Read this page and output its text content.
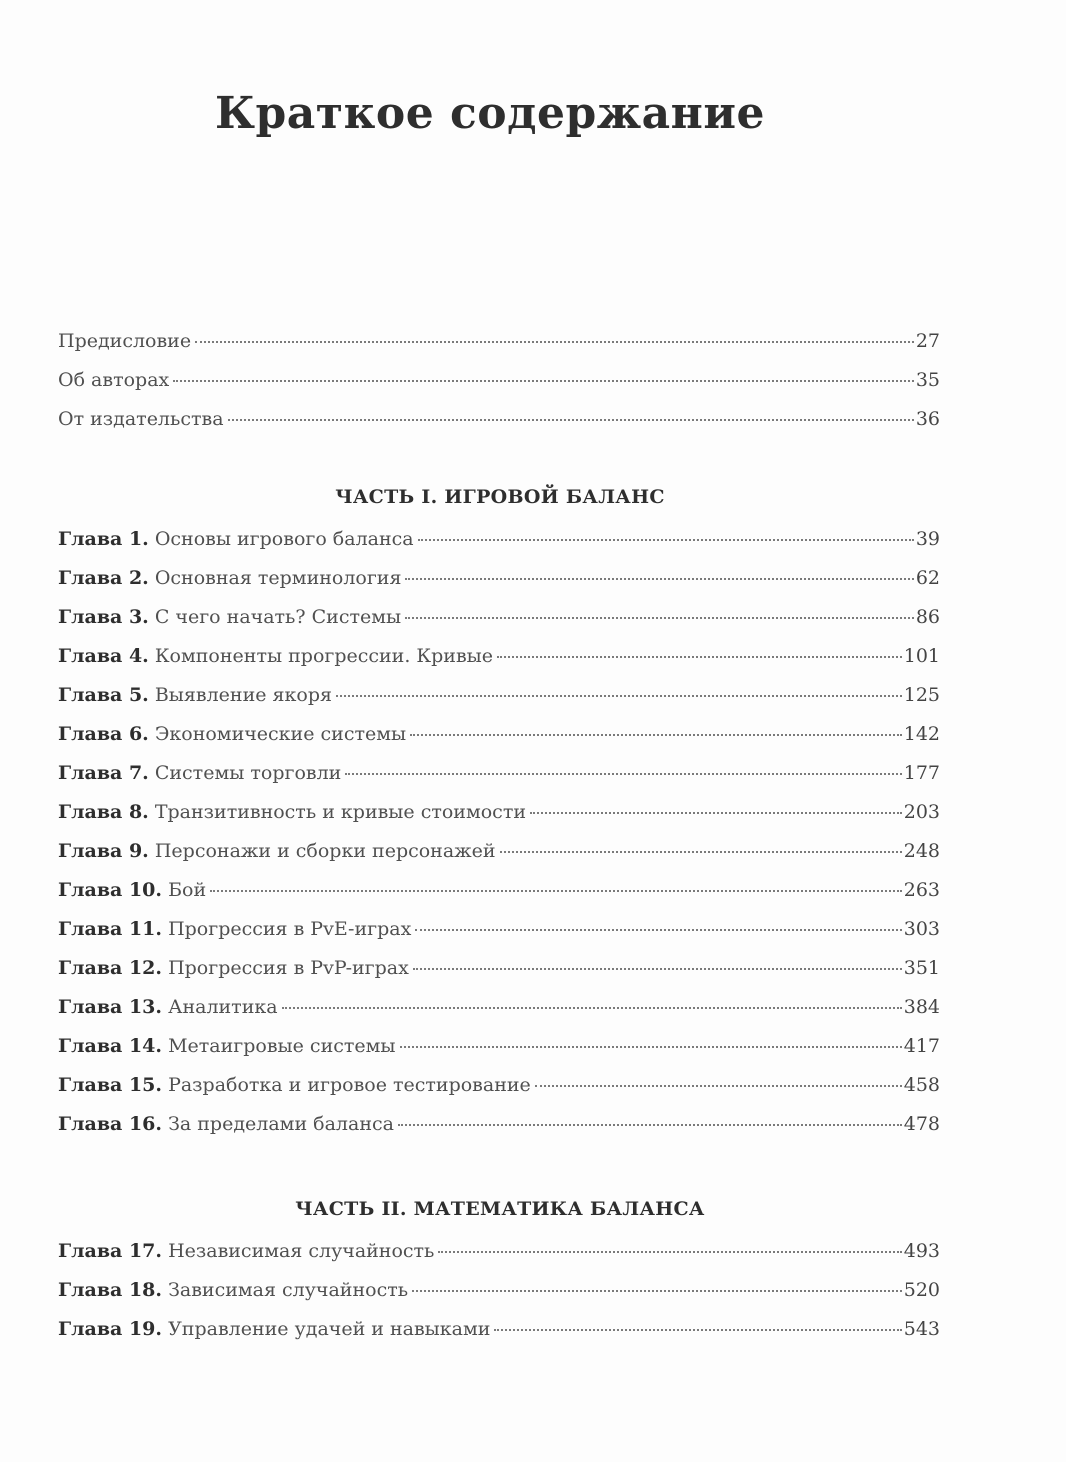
Краткое содержание
Предисловие	27
Об авторах	35
От издательства	36
ЧАСТЬ I. ИГРОВОЙ БАЛАНС
Глава 1. Основы игрового баланса	39
Глава 2. Основная терминология	62
Глава 3. С чего начать? Системы	86
Глава 4. Компоненты прогрессии. Кривые	101
Глава 5. Выявление якоря	125
Глава 6. Экономические системы	142
Глава 7. Системы торговли	177
Глава 8. Транзитивность и кривые стоимости	203
Глава 9. Персонажи и сборки персонажей	248
Глава 10. Бой	263
Глава 11. Прогрессия в PvE-играх	303
Глава 12. Прогрессия в PvP-играх	351
Глава 13. Аналитика	384
Глава 14. Метаигровые системы	417
Глава 15. Разработка и игровое тестирование	458
Глава 16. За пределами баланса	478
ЧАСТЬ II. МАТЕМАТИКА БАЛАНСА
Глава 17. Независимая случайность	493
Глава 18. Зависимая случайность	520
Глава 19. Управление удачей и навыками	543
